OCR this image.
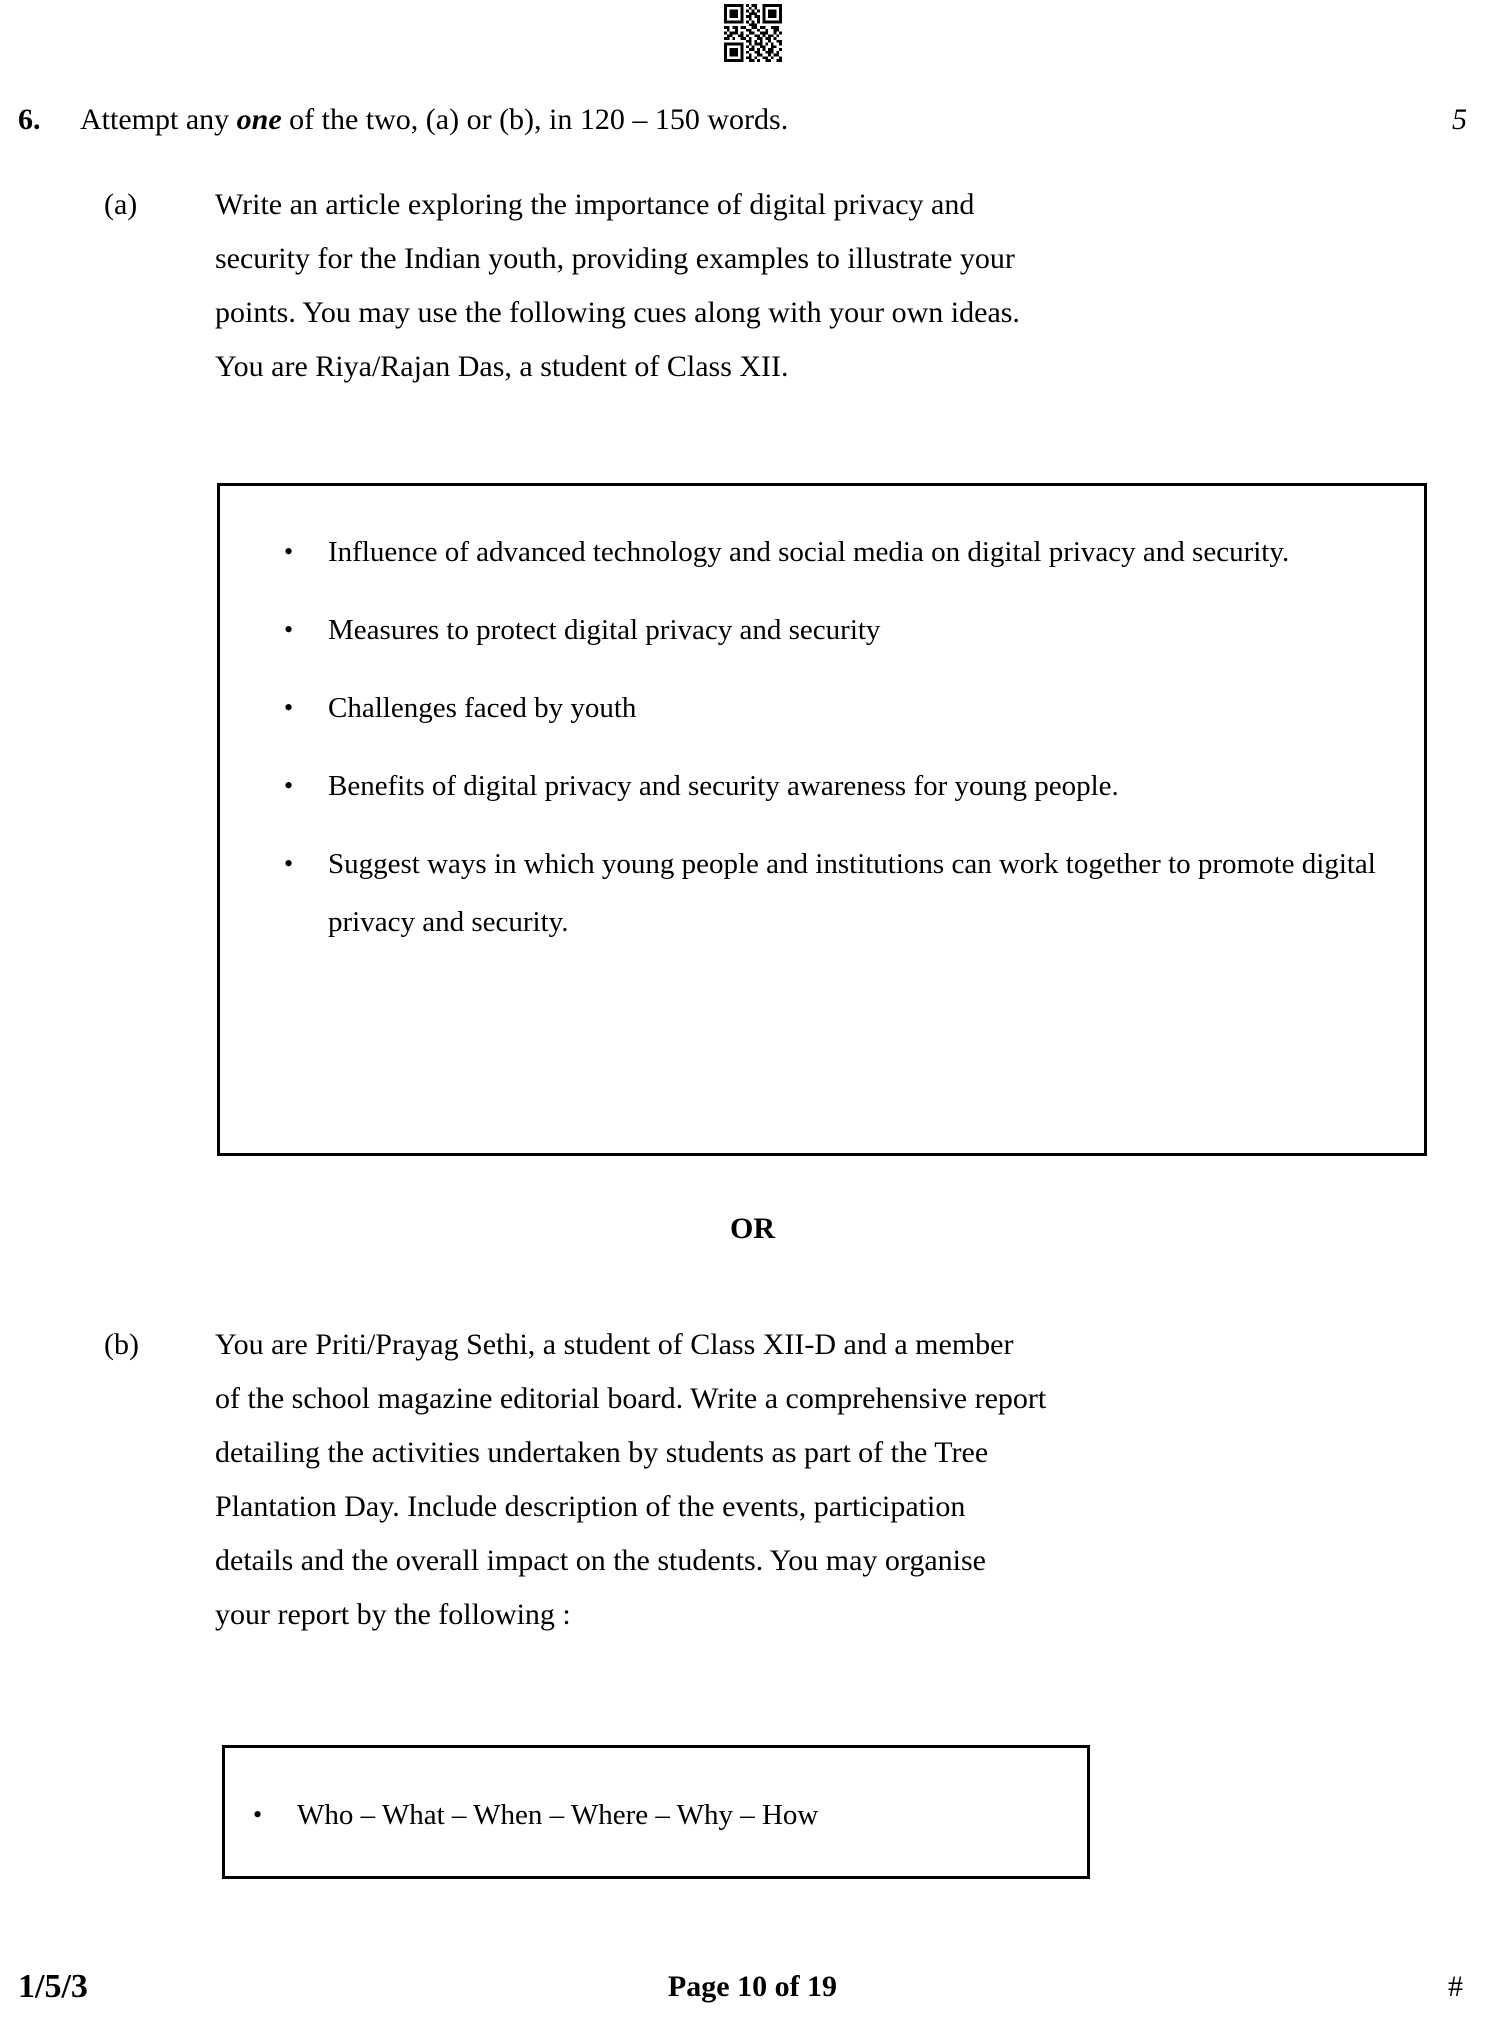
6. Attempt any one of the two, (a) or (b), in 120 – 150 words.	5
(a)	Write an article exploring the importance of digital privacy and
security for the Indian youth, providing examples to illustrate your
points. You may use the following cues along with your own ideas.
You are Riya/Rajan Das, a student of Class XII.
• Influence of advanced technology and social media on digital privacy and security.
• Measures to protect digital privacy and security
• Challenges faced by youth
• Benefits of digital privacy and security awareness for young people.
• Suggest ways in which young people and institutions can work together to promote digital privacy and security.
OR
(b)	You are Priti/Prayag Sethi, a student of Class XII-D and a member
of the school magazine editorial board. Write a comprehensive report
detailing the activities undertaken by students as part of the Tree
Plantation Day. Include description of the events, participation
details and the overall impact on the students. You may organise
your report by the following :
• Who – What – When – Where – Why – How
1/5/3	Page 10 of 19	#
